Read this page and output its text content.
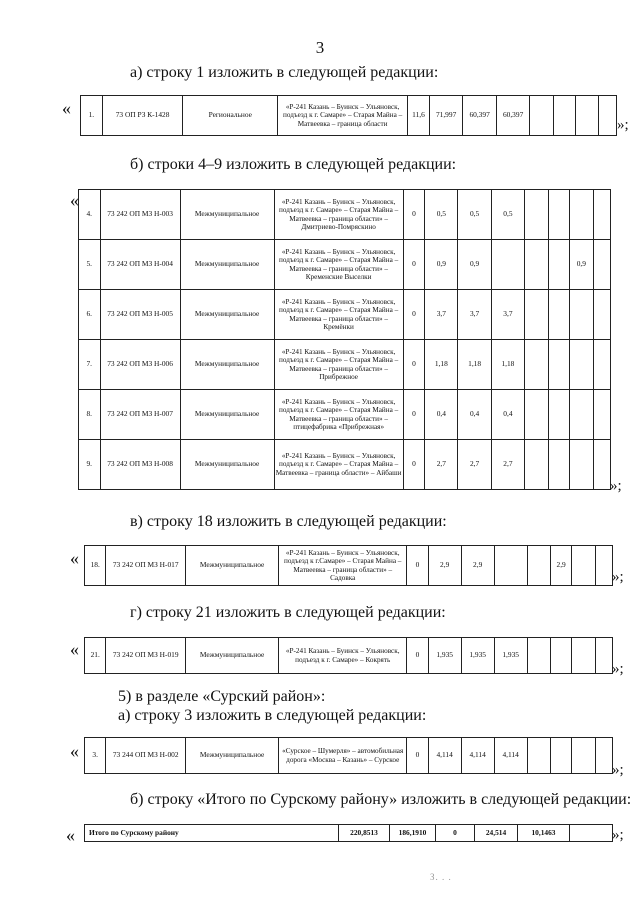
3
а) строку 1 изложить в следующей редакции:
« 1.	73 ОП РЗ К-1428	Региональное	«Р-241 Казань – Буинск – Ульяновск, подъезд к г. Самаре» – Старая Майна – Матвеевка – граница области	11,6	71,997	60,397	60,397				
»;
б) строки 4–9 изложить в следующей редакции:
«
4.	73 242 ОП МЗ Н-003	Межмуниципальное	«Р-241 Казань – Буинск – Ульяновск, подъезд к г. Самаре» – Старая Майна – Матвеевка – граница области» – Дмитриево-Помряскино	0	0,5	0,5	0,5				
5.	73 242 ОП МЗ Н-004	Межмуниципальное	«Р-241 Казань – Буинск – Ульяновск, подъезд к г. Самаре» – Старая Майна – Матвеевка – граница области» – Кременские Выселки	0	0,9	0,9				0,9	
6.	73 242 ОП МЗ Н-005	Межмуниципальное	«Р-241 Казань – Буинск – Ульяновск, подъезд к г. Самаре» – Старая Майна – Матвеевка – граница области» – Кремёнки	0	3,7	3,7	3,7				
7.	73 242 ОП МЗ Н-006	Межмуниципальное	«Р-241 Казань – Буинск – Ульяновск, подъезд к г. Самаре» – Старая Майна – Матвеевка – граница области» – Прибрежное	0	1,18	1,18	1,18				
8.	73 242 ОП МЗ Н-007	Межмуниципальное	«Р-241 Казань – Буинск – Ульяновск, подъезд к г. Самаре» – Старая Майна – Матвеевка – граница области» – птицефабрика «Прибрежная»	0	0,4	0,4	0,4				
9.	73 242 ОП МЗ Н-008	Межмуниципальное	«Р-241 Казань – Буинск – Ульяновск, подъезд к г. Самаре» – Старая Майна – Матвеевка – граница области» – Айбаши	0	2,7	2,7	2,7				
»;
в) строку 18 изложить в следующей редакции:
« 18.	73 242 ОП МЗ Н-017	Межмуниципальное	«Р-241 Казань – Буинск – Ульяновск, подъезд к г.Самаре» – Старая Майна – Матвеевка – граница области» – Садовка	0	2,9	2,9			2,9		
»;
г) строку 21 изложить в следующей редакции:
« 21.	73 242 ОП МЗ Н-019	Межмуниципальное	«Р-241 Казань – Буинск – Ульяновск, подъезд к г. Самаре» – Кокрять	0	1,935	1,935	1,935				
»;
5) в разделе «Сурский район»:
а) строку 3 изложить в следующей редакции:
« 3.	73 244 ОП МЗ Н-002	Межмуниципальное	«Сурское – Шумерля» – автомобильная дорога «Москва – Казань» – Сурское	0	4,114	4,114	4,114				
»;
б) строку «Итого по Сурскому району» изложить в следующей редакции:
« Итого по Сурскому району	220,8513	186,1910	0	24,514	10,1463		»;
З. . .
